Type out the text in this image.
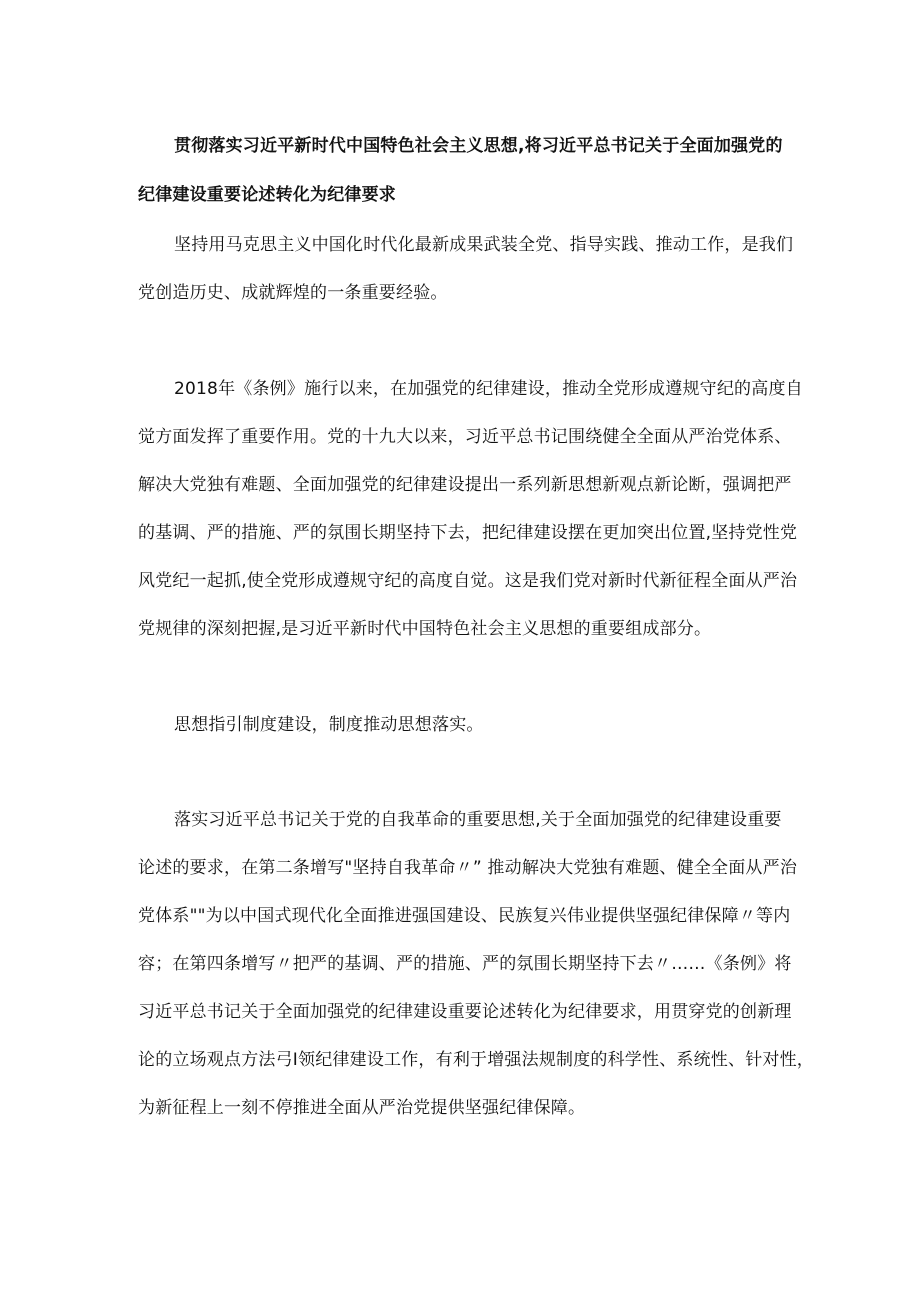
贯彻落实习近平新时代中国特色社会主义思想,将习近平总书记关于全面加强党的
纪律建设重要论述转化为纪律要求
坚持用马克思主义中国化时代化最新成果武装全党、指导实践、推动工作，是我们
党创造历史、成就辉煌的一条重要经验。
2018年《条例》施行以来，在加强党的纪律建设，推动全党形成遵规守纪的高度自
觉方面发挥了重要作用。党的十九大以来，习近平总书记围绕健全全面从严治党体系、
解决大党独有难题、全面加强党的纪律建设提出一系列新思想新观点新论断，强调把严
的基调、严的措施、严的氛围长期坚持下去，把纪律建设摆在更加突出位置,坚持党性党
风党纪一起抓,使全党形成遵规守纪的高度自觉。这是我们党对新时代新征程全面从严治
党规律的深刻把握,是习近平新时代中国特色社会主义思想的重要组成部分。
思想指引制度建设，制度推动思想落实。
落实习近平总书记关于党的自我革命的重要思想,关于全面加强党的纪律建设重要
论述的要求，在第二条增写"坚持自我革命〃” 推动解决大党独有难题、健全全面从严治
党体系""为以中国式现代化全面推进强国建设、民族复兴伟业提供坚强纪律保障〃等内
容；在第四条增写〃把严的基调、严的措施、严的氛围长期坚持下去〃……《条例》将
习近平总书记关于全面加强党的纪律建设重要论述转化为纪律要求，用贯穿党的创新理
论的立场观点方法弓I领纪律建设工作，有利于增强法规制度的科学性、系统性、针对性，
为新征程上一刻不停推进全面从严治党提供坚强纪律保障。
